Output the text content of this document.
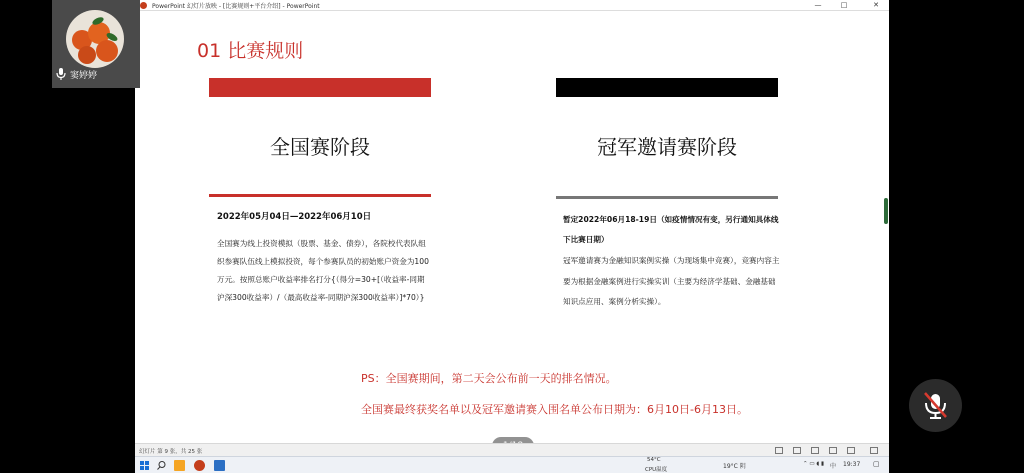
PowerPoint 幻灯片放映 - [比赛规则+平台介绍] - PowerPoint	—	□	✕
01 比赛规则
全国赛阶段	冠军邀请赛阶段
2022年05月04日—2022年06月10日
全国赛为线上投资模拟（股票、基金、债券），各院校代表队组织参赛队伍线上模拟投资，每个参赛队员的初始账户资金为100万元。按照总账户收益率排名打分{（得分=30+[（收益率-同期沪深300收益率）/（最高收益率-同期沪深300收益率）]*70）}
暂定2022年06月18-19日（如疫情情况有变，另行通知具体线下比赛日期）
冠军邀请赛为金融知识案例实操（为现场集中竞赛），竞赛内容主要为根据金融案例进行实操实训（主要为经济学基础、金融基础知识点应用、案例分析实操）。
PS：全国赛期间，第二天会公布前一天的排名情况。
全国赛最终获奖名单以及冠军邀请赛入围名单公布日期为：6月10日-6月13日。
幻灯片 第 9 张，共 25 张
窦婷婷
54°C
CPU温度	19°C 阴	⌃ ▭ ◖ ▮ 中 19:37 ▢
